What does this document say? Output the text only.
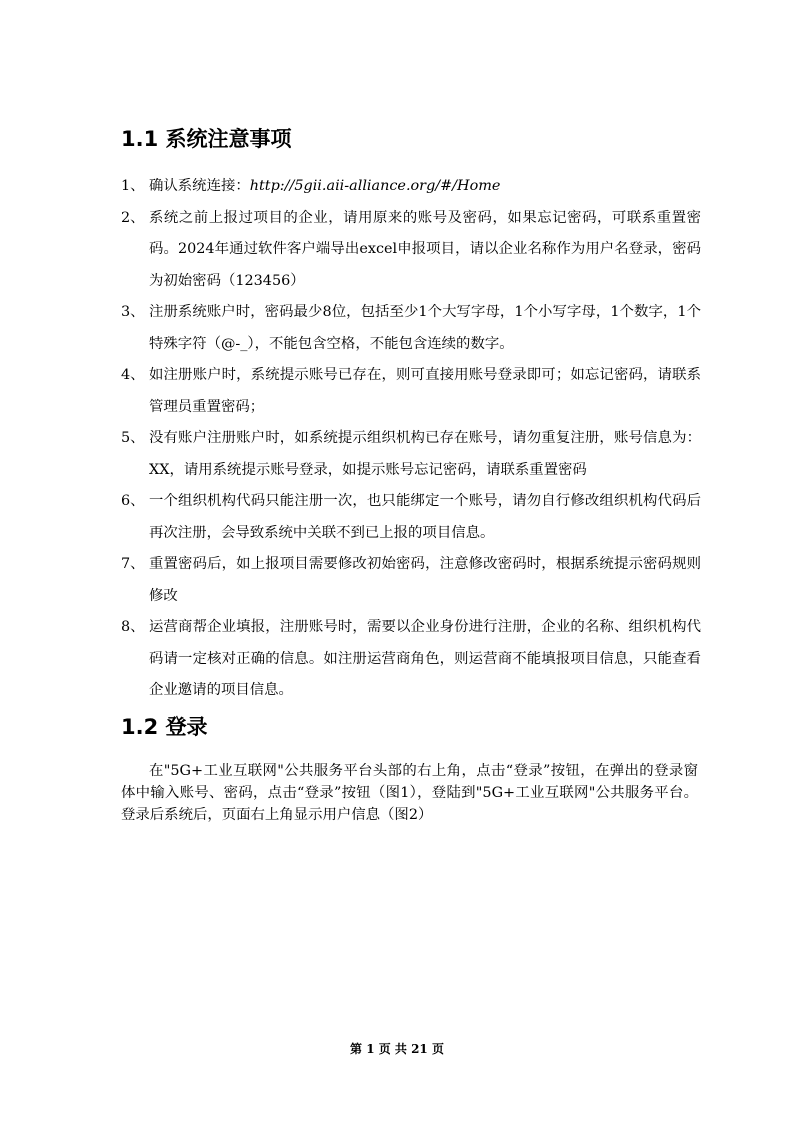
1.1 系统注意事项
1、 确认系统连接：http://5gii.aii-alliance.org/#/Home
2、 系统之前上报过项目的企业，请用原来的账号及密码，如果忘记密码，可联系重置密码。2024年通过软件客户端导出excel申报项目，请以企业名称作为用户名登录，密码为初始密码（123456）
3、 注册系统账户时，密码最少8位，包括至少1个大写字母，1个小写字母，1个数字，1个特殊字符（@-_），不能包含空格，不能包含连续的数字。
4、 如注册账户时，系统提示账号已存在，则可直接用账号登录即可；如忘记密码，请联系管理员重置密码；
5、 没有账户注册账户时，如系统提示组织机构已存在账号，请勿重复注册，账号信息为：XX，请用系统提示账号登录，如提示账号忘记密码，请联系重置密码
6、 一个组织机构代码只能注册一次，也只能绑定一个账号，请勿自行修改组织机构代码后再次注册，会导致系统中关联不到已上报的项目信息。
7、 重置密码后，如上报项目需要修改初始密码，注意修改密码时，根据系统提示密码规则修改
8、 运营商帮企业填报，注册账号时，需要以企业身份进行注册，企业的名称、组织机构代码请一定核对正确的信息。如注册运营商角色，则运营商不能填报项目信息，只能查看企业邀请的项目信息。
1.2 登录

在"5G+工业互联网"公共服务平台头部的右上角，点击“登录”按钮，在弹出的登录窗体中输入账号、密码，点击“登录”按钮（图1），登陆到"5G+工业互联网"公共服务平台。登录后系统后，页面右上角显示用户信息（图2）

第 1 页 共 21 页
